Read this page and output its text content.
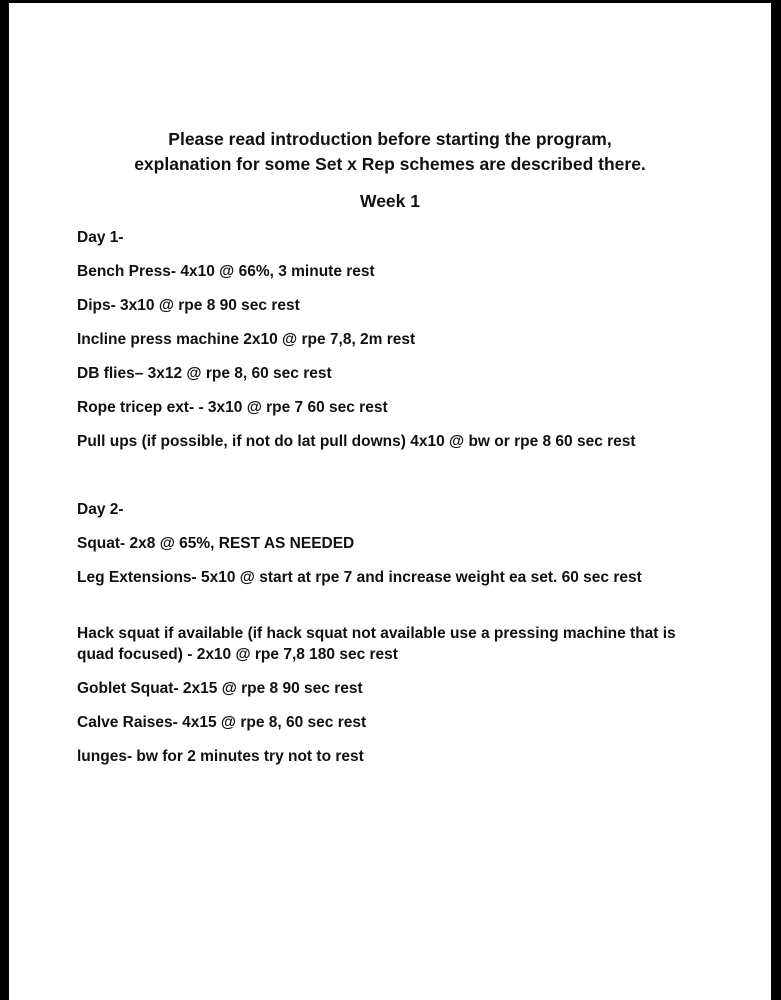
Please read introduction before starting the program,
explanation for some Set x Rep schemes are described there.
Week 1
Day 1-
Bench Press- 4x10 @ 66%, 3 minute rest
Dips- 3x10 @ rpe 8 90 sec rest
Incline press machine 2x10 @ rpe 7,8, 2m rest
DB flies– 3x12 @ rpe 8, 60 sec rest
Rope tricep ext- - 3x10 @ rpe 7 60 sec rest
Pull ups (if possible, if not do lat pull downs) 4x10 @ bw or rpe 8 60 sec rest
Day 2-
Squat- 2x8 @ 65%, REST AS NEEDED
Leg Extensions- 5x10 @ start at rpe 7 and increase weight ea set. 60 sec rest
Hack squat if available (if hack squat not available use a pressing machine that is quad focused) - 2x10 @ rpe 7,8 180 sec rest
Goblet Squat- 2x15 @ rpe 8 90 sec rest
Calve Raises- 4x15 @ rpe 8, 60 sec rest
lunges- bw for 2 minutes try not to rest
